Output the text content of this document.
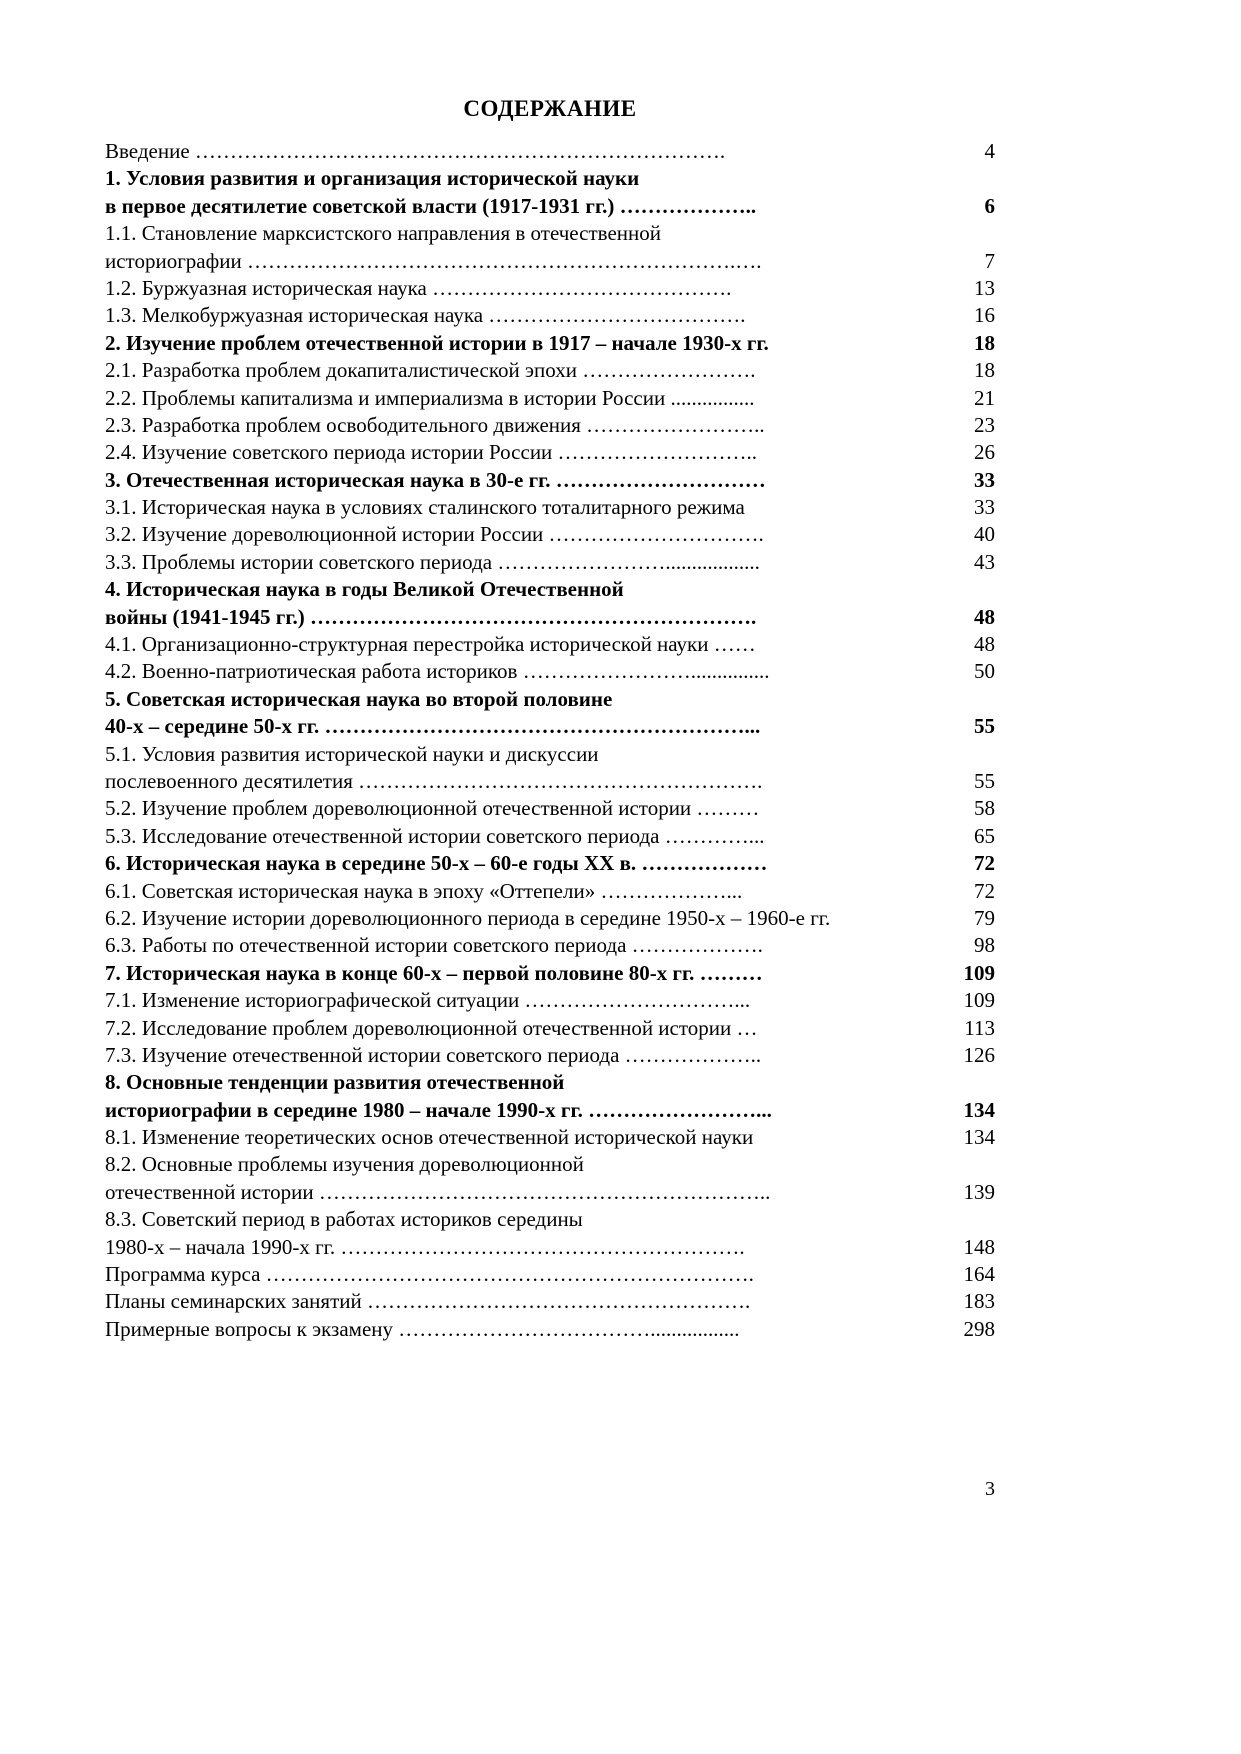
СОДЕРЖАНИЕ
Введение ………………………………………………………………….	4
1. Условия развития и организация исторической науки
в первое десятилетие советской власти (1917-1931 гг.) ………………..	6
1.1. Становление марксистского направления в отечественной
историографии …………………………………………………………….….	7
1.2. Буржуазная историческая наука …………………………………….	13
1.3. Мелкобуржуазная историческая наука ……………………………….	16
2. Изучение проблем отечественной истории в 1917 – начале 1930-х гг.	18
2.1. Разработка проблем докапиталистической эпохи …………………….	18
2.2. Проблемы капитализма и империализма в истории России ................	21
2.3. Разработка проблем освободительного движения ……………………..	23
2.4. Изучение советского периода истории России ………………………..	26
3. Отечественная историческая наука в 30-е гг. …………………………	33
3.1. Историческая наука в условиях сталинского тоталитарного режима	33
3.2. Изучение дореволюционной истории России ………………………….	40
3.3. Проблемы истории советского периода ……………………..................	43
4. Историческая наука в годы Великой Отечественной
войны (1941-1945 гг.) ……………………………………………………….	48
4.1. Организационно-структурная перестройка исторической науки ……	48
4.2. Военно-патриотическая работа историков ……………………...............	50
5. Советская историческая наука во второй половине
40-х – середине 50-х гг. ……………………………………………………...	55
5.1. Условия развития исторической науки и дискуссии
послевоенного десятилетия ………………………………………………….	55
5.2. Изучение проблем дореволюционной отечественной истории ………	58
5.3. Исследование отечественной истории советского периода …………...	65
6. Историческая наука в середине 50-х – 60-е годы XX в. ………………	72
6.1. Советская историческая наука в эпоху «Оттепели» ………………...	72
6.2. Изучение истории дореволюционного периода в середине 1950-х – 1960-е гг.	79
6.3. Работы по отечественной истории советского периода ……………….	98
7. Историческая наука в конце 60-х – первой половине 80-х гг. ………	109
7.1. Изменение историографической ситуации …………………………...	109
7.2. Исследование проблем дореволюционной отечественной истории …	113
7.3. Изучение отечественной истории советского периода ………………..	126
8. Основные тенденции развития отечественной
историографии в середине 1980 – начале 1990-х гг. ……………………...	134
8.1. Изменение теоретических основ отечественной исторической науки	134
8.2. Основные проблемы изучения дореволюционной
отечественной истории ………………………………………………………..	139
8.3. Советский период в работах историков середины
1980-х – начала 1990-х гг. ………………………………………………….	148
Программа курса …………………………………………………………….	164
Планы семинарских занятий ……………………………………………….	183
Примерные вопросы к экзамену ……………………………….................	298
3
